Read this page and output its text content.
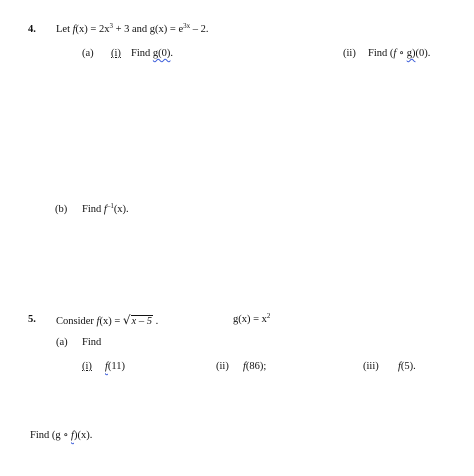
4. Let $f(x) = 2x^3 + 3$ and $g(x) = e^{3x} - 2$.
(a) (i) Find g(0).	(ii) Find (f ∘ g)(0).
(b) Find $f^{-1}(x)$.
5. Consider f(x) = √x – 5 .	$g(x) = x^2$
(a) Find
(i) f(11)	(ii) f(86);	(iii) f(5).
Find (g ∘ f)(x).
